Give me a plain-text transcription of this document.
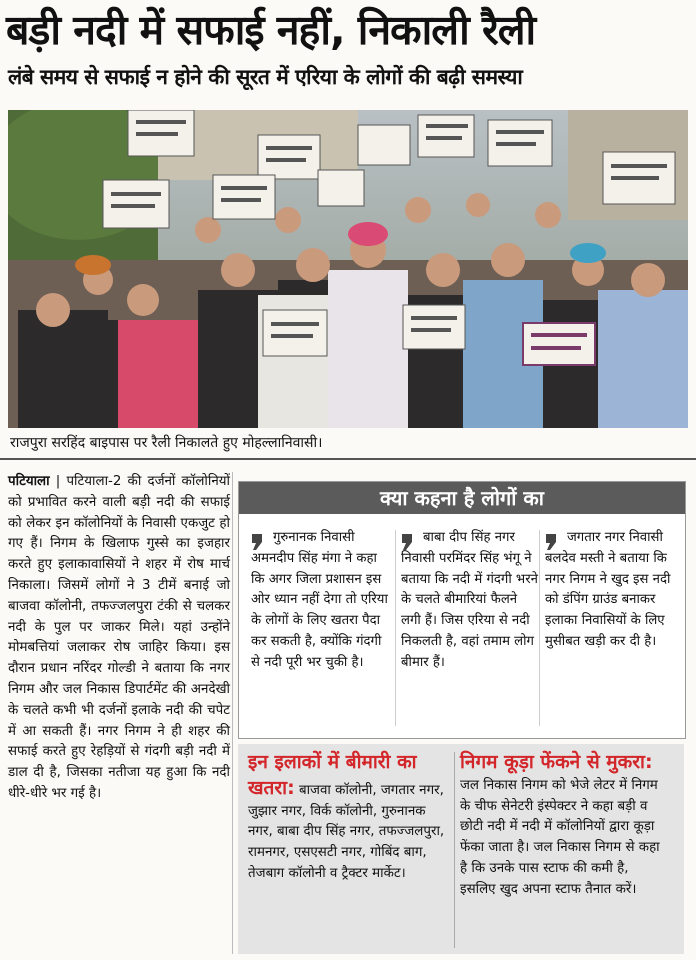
बड़ी नदी में सफाई नहीं, निकाली रैली
लंबे समय से सफाई न होने की सूरत में एरिया के लोगों की बढ़ी समस्या
राजपुरा सरहिंद बाइपास पर रैली निकालते हुए मोहल्लानिवासी।
पटियाला | पटियाला-2 की दर्जनों कॉलोनियों को प्रभावित करने वाली बड़ी नदी की सफाई को लेकर इन कॉलोनियों के निवासी एकजुट हो गए हैं। निगम के खिलाफ गुस्से का इजहार करते हुए इलाकावासियों ने शहर में रोष मार्च निकाला। जिसमें लोगों ने 3 टीमें बनाई जो बाजवा कॉलोनी, तफज्जलपुरा टंकी से चलकर नदी के पुल पर जाकर मिले। यहां उन्होंने मोमबत्तियां जलाकर रोष जाहिर किया। इस दौरान प्रधान नरिंदर गोल्डी ने बताया कि नगर निगम और जल निकास डिपार्टमेंट की अनदेखी के चलते कभी भी दर्जनों इलाके नदी की चपेट में आ सकती हैं। नगर निगम ने ही शहर की सफाई करते हुए रेहड़ियों से गंदगी बड़ी नदी में डाल दी है, जिसका नतीजा यह हुआ कि नदी धीरे-धीरे भर गई है।
क्या कहना है लोगों का
गुरुनानक निवासी अमनदीप सिंह मंगा ने कहा कि अगर जिला प्रशासन इस ओर ध्यान नहीं देगा तो एरिया के लोगों के लिए खतरा पैदा कर सकती है, क्योंकि गंदगी से नदी पूरी भर चुकी है।
बाबा दीप सिंह नगर निवासी परमिंदर सिंह भंगू ने बताया कि नदी में गंदगी भरने के चलते बीमारियां फैलने लगी हैं। जिस एरिया से नदी निकलती है, वहां तमाम लोग बीमार हैं।
जगतार नगर निवासी बलदेव मस्ती ने बताया कि नगर निगम ने खुद इस नदी को डंपिंग ग्राउंड बनाकर इलाका निवासियों के लिए मुसीबत खड़ी कर दी है।
इन इलाकों में बीमारी का खतरा: बाजवा कॉलोनी, जगतार नगर, जुझार नगर, विर्क कॉलोनी, गुरुनानक नगर, बाबा दीप सिंह नगर, तफज्जलपुरा, रामनगर, एसएसटी नगर, गोबिंद बाग, तेजबाग कॉलोनी व ट्रैक्टर मार्केट।
निगम कूड़ा फेंकने से मुकरा: जल निकास निगम को भेजे लेटर में निगम के चीफ सेनेटरी इंस्पेक्टर ने कहा बड़ी व छोटी नदी में नदी में कॉलोनियों द्वारा कूड़ा फेंका जाता है। जल निकास निगम से कहा है कि उनके पास स्टाफ की कमी है, इसलिए खुद अपना स्टाफ तैनात करें।
